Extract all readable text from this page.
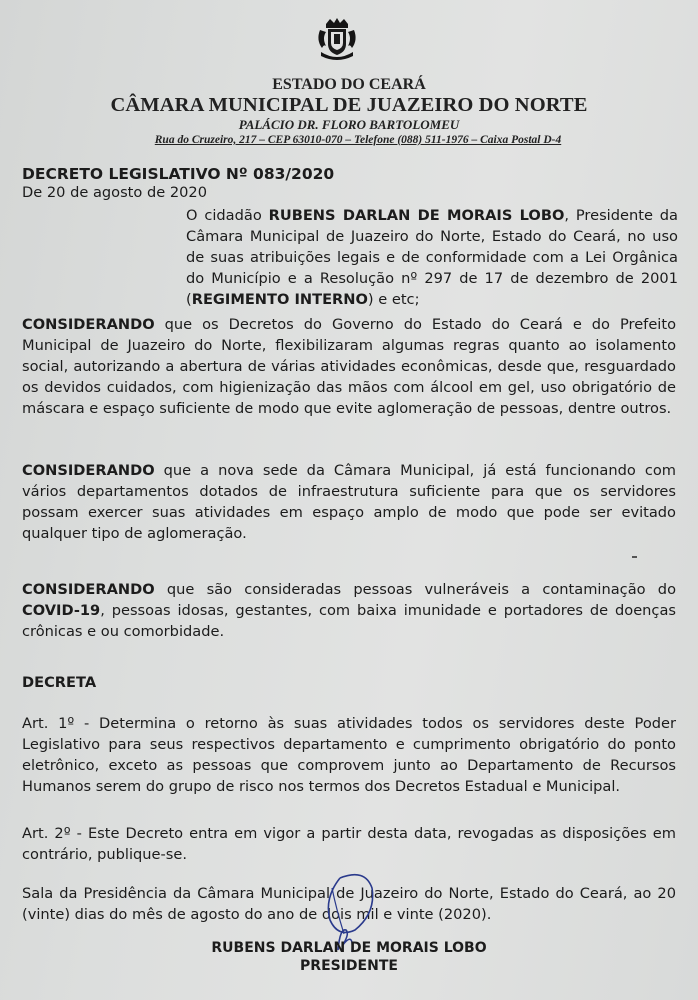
ESTADO DO CEARÁ
CÂMARA MUNICIPAL DE JUAZEIRO DO NORTE
PALÁCIO DR. FLORO BARTOLOMEU
Rua do Cruzeiro, 217 – CEP 63010-070 – Telefone (088) 511-1976 – Caixa Postal D-4
DECRETO LEGISLATIVO Nº 083/2020
De 20 de agosto de 2020
O cidadão RUBENS DARLAN DE MORAIS LOBO, Presidente da Câmara Municipal de Juazeiro do Norte, Estado do Ceará, no uso de suas atribuições legais e de conformidade com a Lei Orgânica do Município e a Resolução nº 297 de 17 de dezembro de 2001 (REGIMENTO INTERNO) e etc;
CONSIDERANDO que os Decretos do Governo do Estado do Ceará e do Prefeito Municipal de Juazeiro do Norte, flexibilizaram algumas regras quanto ao isolamento social, autorizando a abertura de várias atividades econômicas, desde que, resguardado os devidos cuidados, com higienização das mãos com álcool em gel, uso obrigatório de máscara e espaço suficiente de modo que evite aglomeração de pessoas, dentre outros.
CONSIDERANDO que a nova sede da Câmara Municipal, já está funcionando com vários departamentos dotados de infraestrutura suficiente para que os servidores possam exercer suas atividades em espaço amplo de modo que pode ser evitado qualquer tipo de aglomeração.
CONSIDERANDO que são consideradas pessoas vulneráveis a contaminação do COVID-19, pessoas idosas, gestantes, com baixa imunidade e portadores de doenças crônicas e ou comorbidade.
DECRETA
Art. 1º - Determina o retorno às suas atividades todos os servidores deste Poder Legislativo para seus respectivos departamento e cumprimento obrigatório do ponto eletrônico, exceto as pessoas que comprovem junto ao Departamento de Recursos Humanos serem do grupo de risco nos termos dos Decretos Estadual e Municipal.
Art. 2º - Este Decreto entra em vigor a partir desta data, revogadas as disposições em contrário, publique-se.
Sala da Presidência da Câmara Municipal de Juazeiro do Norte, Estado do Ceará, ao 20 (vinte) dias do mês de agosto do ano de dois mil e vinte (2020).
RUBENS DARLAN DE MORAIS LOBO
PRESIDENTE
